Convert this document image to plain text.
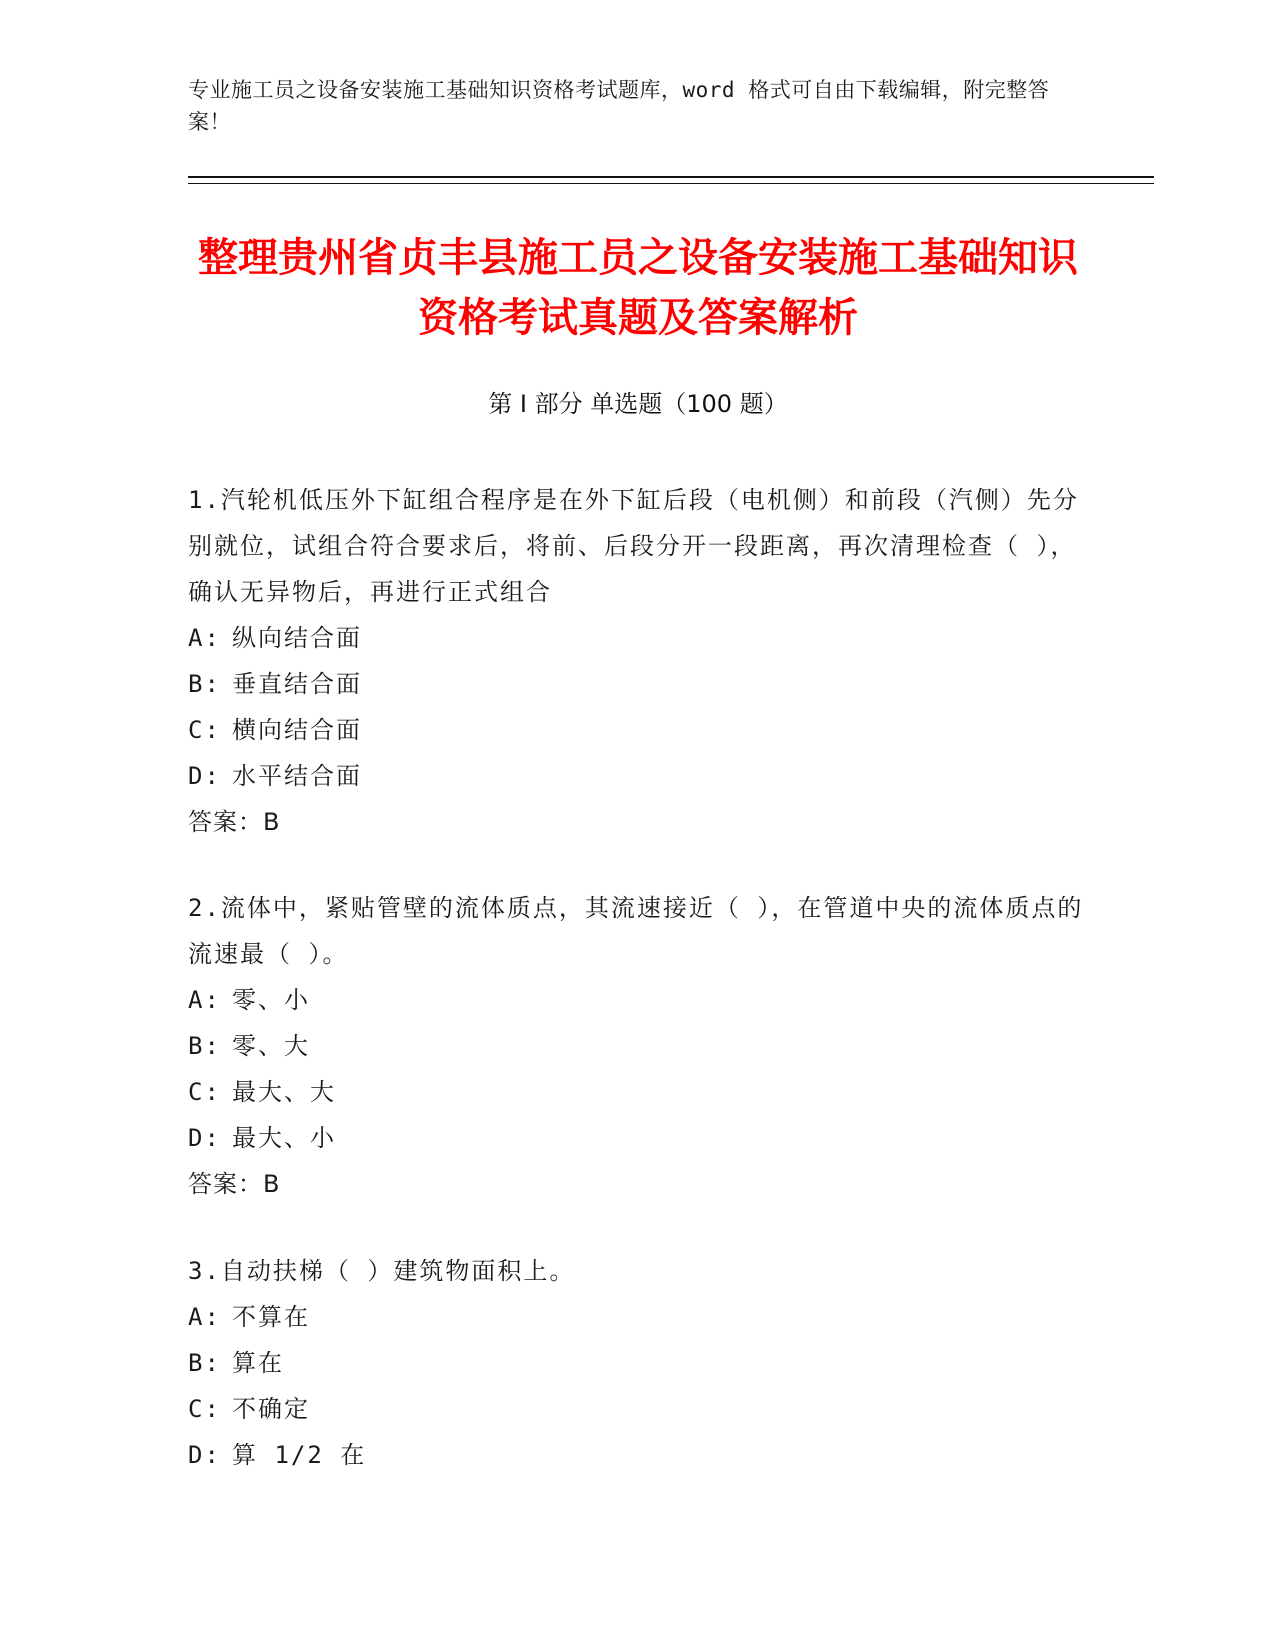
专业施工员之设备安装施工基础知识资格考试题库，word 格式可自由下载编辑，附完整答案！
整理贵州省贞丰县施工员之设备安装施工基础知识资格考试真题及答案解析
第 I 部分 单选题（100 题）
1.汽轮机低压外下缸组合程序是在外下缸后段（电机侧）和前段（汽侧）先分别就位，试组合符合要求后，将前、后段分开一段距离，再次清理检查（ ），确认无异物后，再进行正式组合
A: 纵向结合面
B: 垂直结合面
C: 横向结合面
D: 水平结合面
答案：B
2.流体中，紧贴管壁的流体质点，其流速接近（ ），在管道中央的流体质点的流速最（ ）。
A: 零、小
B: 零、大
C: 最大、大
D: 最大、小
答案：B
3.自动扶梯（ ）建筑物面积上。
A: 不算在
B: 算在
C: 不确定
D: 算 1/2 在
